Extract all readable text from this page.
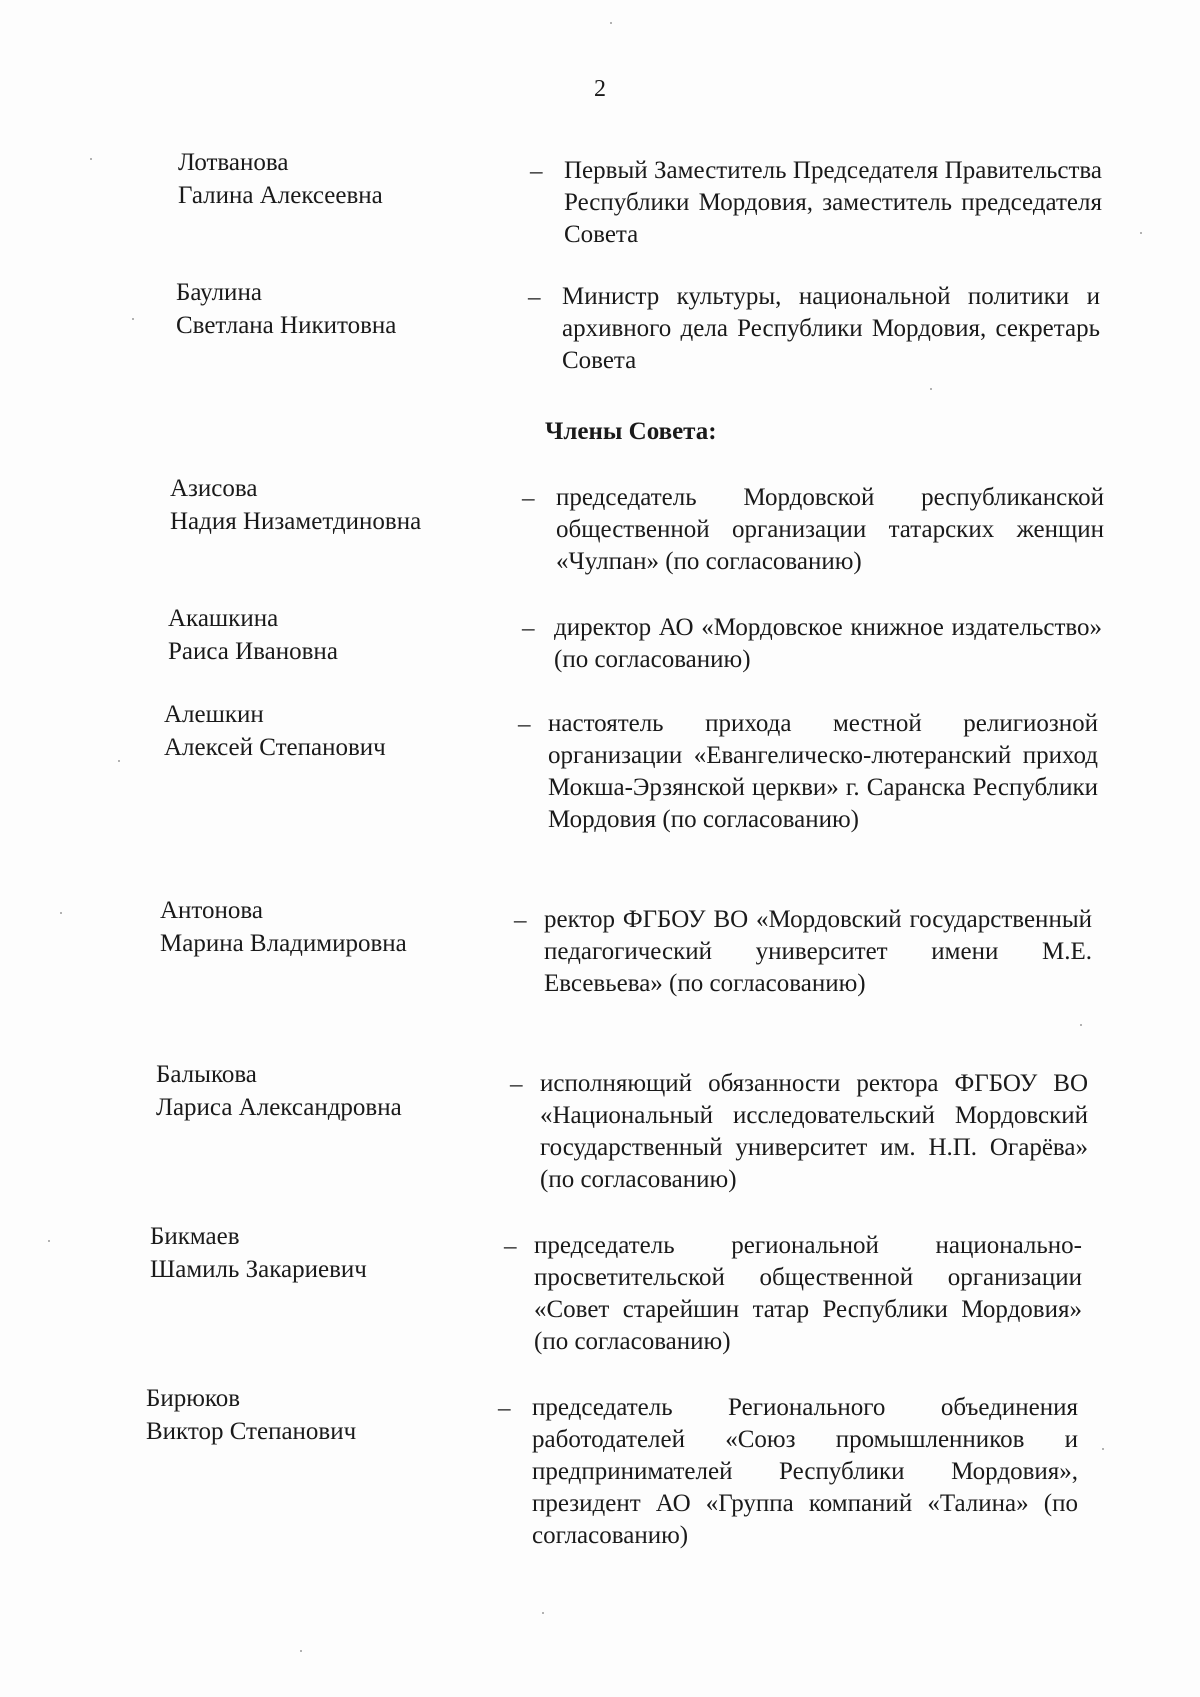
2
Лотванова
Галина Алексеевна
– Первый Заместитель Председателя Правительства Республики Мордовия, заместитель председателя Совета
Баулина
Светлана Никитовна
– Министр культуры, национальной политики и архивного дела Республики Мордовия, секретарь Совета
Члены Совета:
Азисова
Надия Низаметдиновна
– председатель Мордовской республиканской общественной организации татарских женщин «Чулпан» (по согласованию)
Акашкина
Раиса Ивановна
– директор АО «Мордовское книжное издательство» (по согласованию)
Алешкин
Алексей Степанович
– настоятель прихода местной религиозной организации «Евангелическо-лютеранский приход Мокша-Эрзянской церкви» г. Саранска Республики Мордовия (по согласованию)
Антонова
Марина Владимировна
– ректор ФГБОУ ВО «Мордовский государственный педагогический университет имени М.Е. Евсевьева» (по согласованию)
Балыкова
Лариса Александровна
– исполняющий обязанности ректора ФГБОУ ВО «Национальный исследовательский Мордовский государственный университет им. Н.П. Огарёва» (по согласованию)
Бикмаев
Шамиль Закариевич
– председатель региональной национально-просветительской общественной организации «Совет старейшин татар Республики Мордовия» (по согласованию)
Бирюков
Виктор Степанович
– председатель Регионального объединения работодателей «Союз промышленников и предпринимателей Республики Мордовия», президент АО «Группа компаний «Талина» (по согласованию)
